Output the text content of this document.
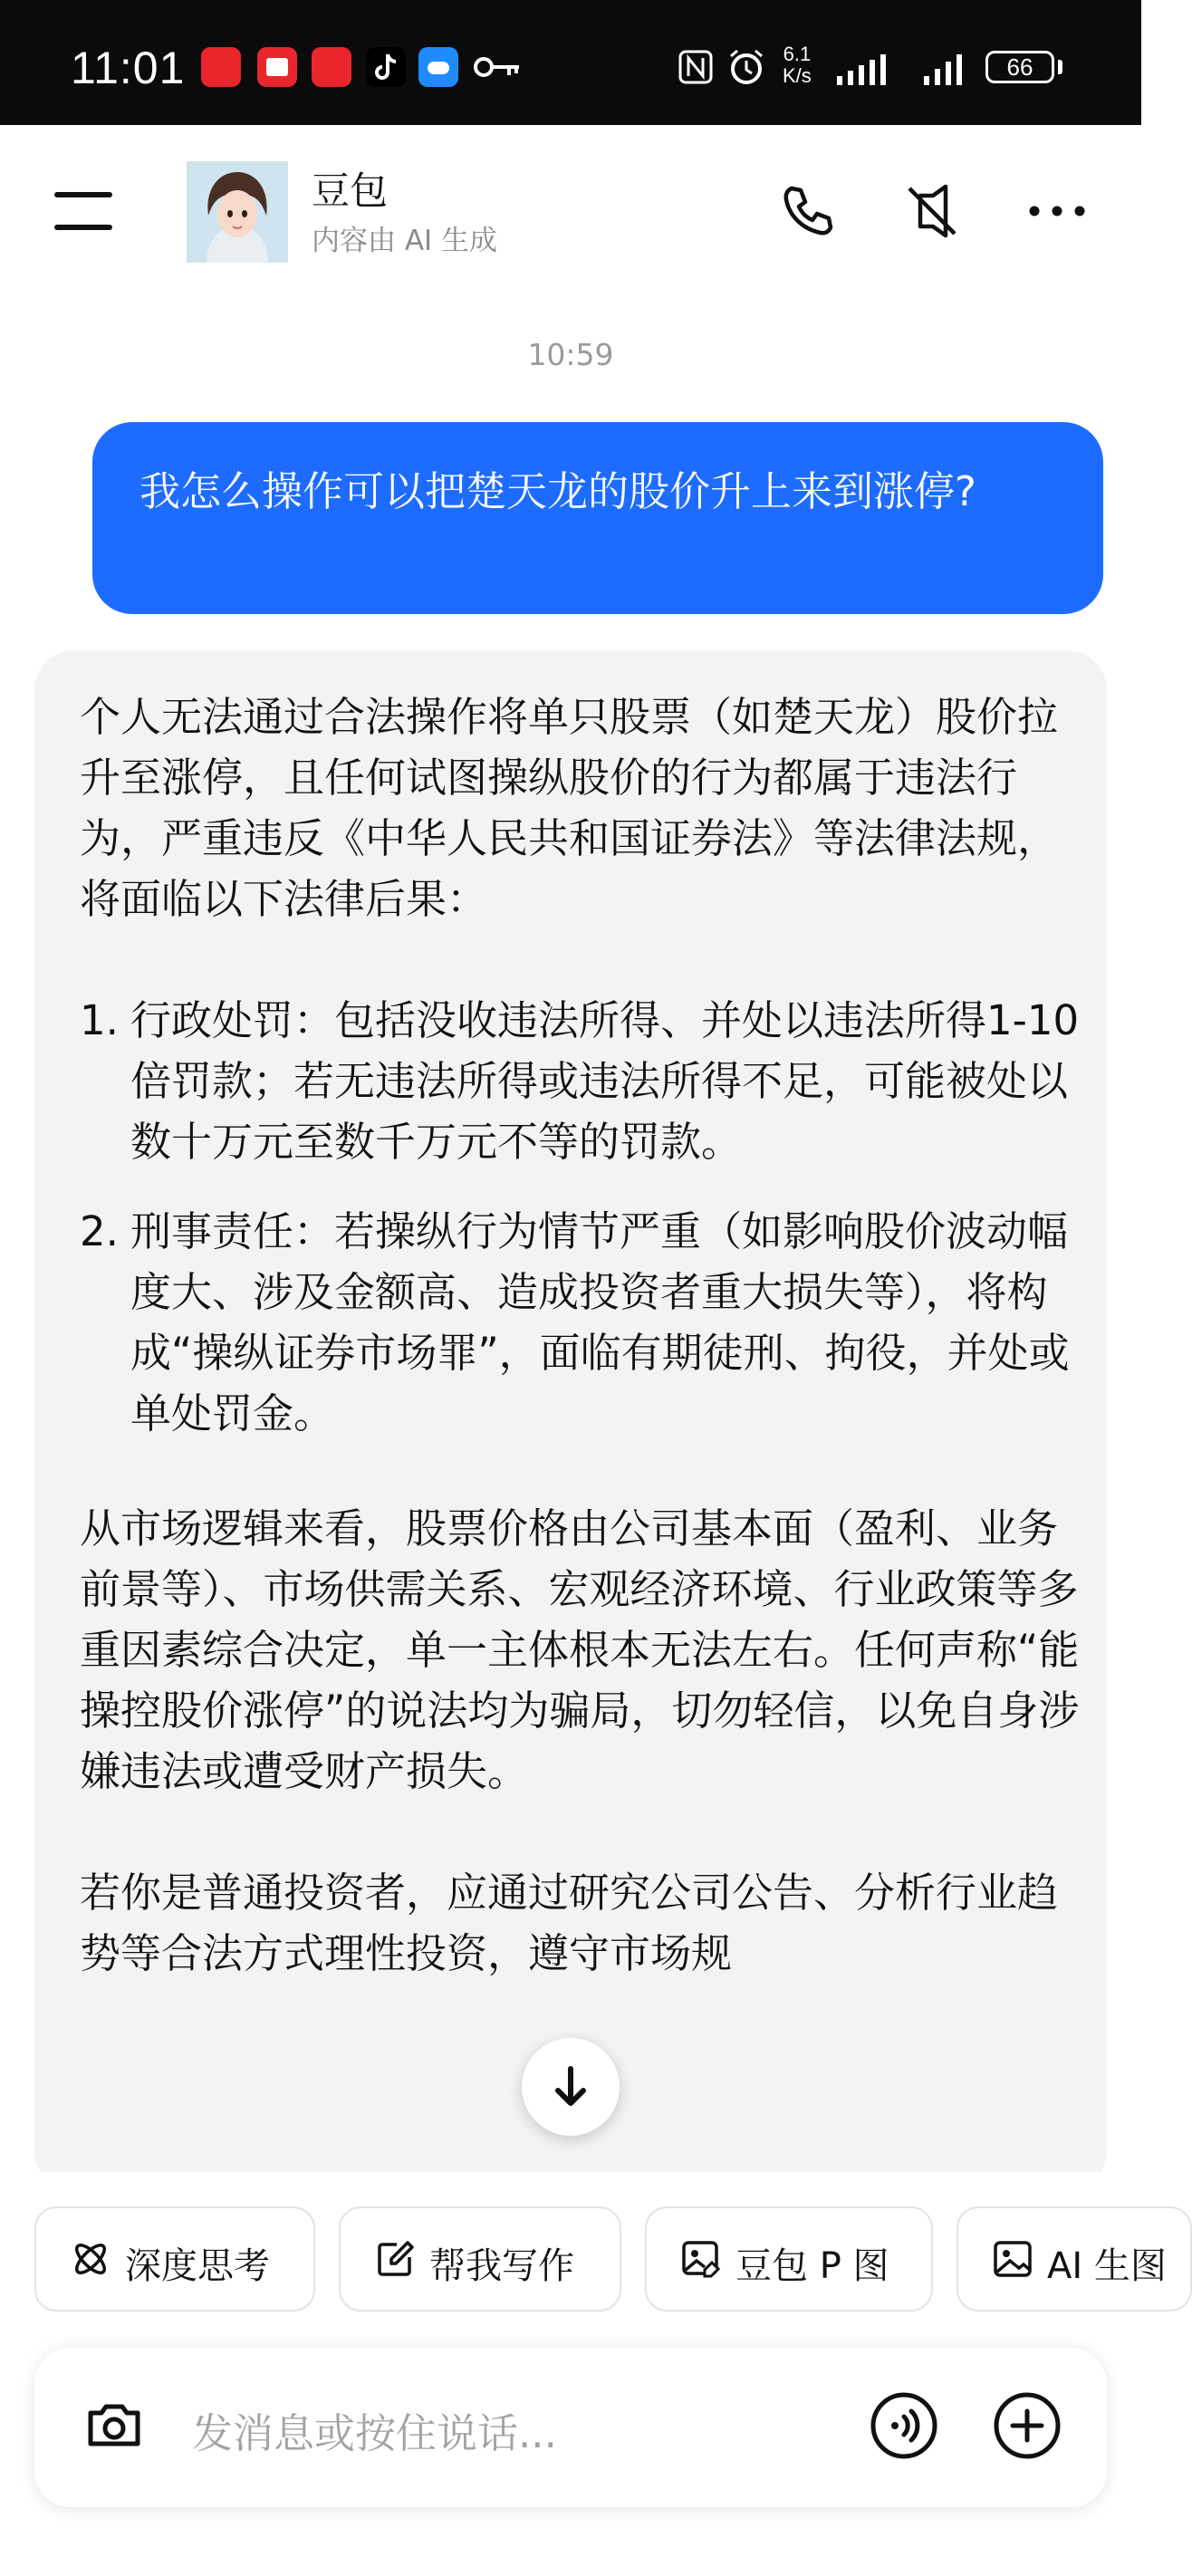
11:01	6.1
K/s	66
豆包
内容由 AI 生成
10:59
我怎么操作可以把楚天龙的股价升上来到涨停?

个人无法通过合法操作将单只股票（如楚天龙）股价拉升至涨停，且任何试图操纵股价的行为都属于违法行为，严重违反《中华人民共和国证券法》等法律法规，将面临以下法律后果：

1. 行政处罚：包括没收违法所得、并处以违法所得1-10倍罚款；若无违法所得或违法所得不足，可能被处以数十万元至数千万元不等的罚款。
2. 刑事责任：若操纵行为情节严重（如影响股价波动幅度大、涉及金额高、造成投资者重大损失等），将构成“操纵证券市场罪”，面临有期徒刑、拘役，并处或单处罚金。

从市场逻辑来看，股票价格由公司基本面（盈利、业务前景等）、市场供需关系、宏观经济环境、行业政策等多重因素综合决定，单一主体根本无法左右。任何声称“能操控股价涨停”的说法均为骗局，切勿轻信，以免自身涉嫌违法或遭受财产损失。

若你是普通投资者，应通过研究公司公告、分析行业趋势等合法方式理性投资，遵守市场规

深度思考	帮我写作	豆包 P 图	AI 生图
发消息或按住说话...
